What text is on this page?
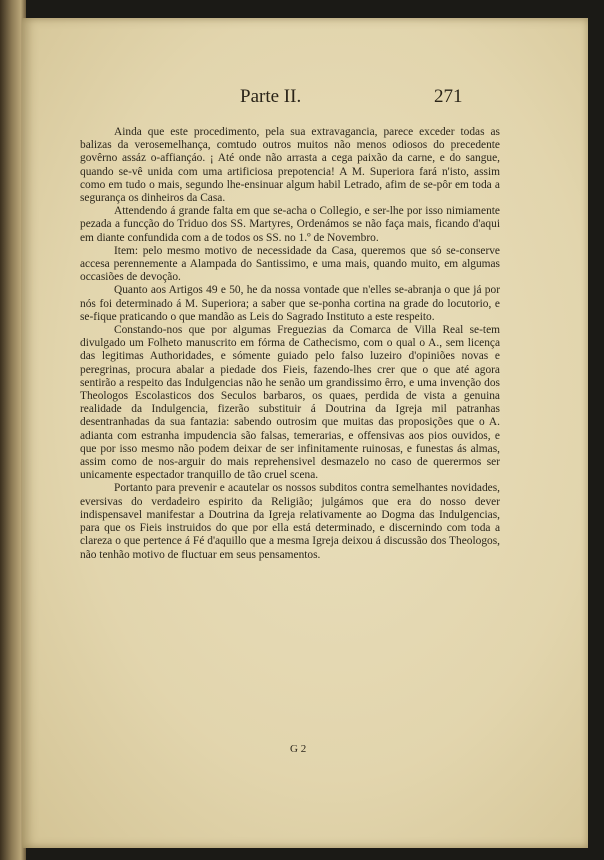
Parte II.	271

Ainda que este procedimento, pela sua extravagancia, parece exceder todas as balizas da verosemelhança, comtudo outros muitos não menos odiosos do precedente govêrno assáz o-affiançáo. ¡ Até onde não arrasta a cega paixão da carne, e do sangue, quando se-vê unida com uma artificiosa prepotencia! A M. Superiora fará n'isto, assim como em tudo o mais, segundo lhe-ensinuar algum habil Letrado, afim de se-pôr em toda a segurança os dinheiros da Casa.

Attendendo á grande falta em que se-acha o Collegio, e ser-lhe por isso nimiamente pezada a funcção do Triduo dos SS. Martyres, Ordenámos se não faça mais, ficando d'aqui em diante confundida com a de todos os SS. no 1.º de Novembro.

Item: pelo mesmo motivo de necessidade da Casa, queremos que só se-conserve accesa perennemente a Alampada do Santissimo, e uma mais, quando muito, em algumas occasiões de devoção.

Quanto aos Artigos 49 e 50, he da nossa vontade que n'elles se-abranja o que já por nós foi determinado á M. Superiora; a saber que se-ponha cortina na grade do locutorio, e se-fique praticando o que mandão as Leis do Sagrado Instituto a este respeito.

Constando-nos que por algumas Freguezias da Comarca de Villa Real se-tem divulgado um Folheto manuscrito em fórma de Cathecismo, com o qual o A., sem licença das legitimas Authoridades, e sómente guiado pelo falso luzeiro d'opiniões novas e peregrinas, procura abalar a piedade dos Fieis, fazendo-lhes crer que o que até agora sentirão a respeito das Indulgencias não he senão um grandissimo êrro, e uma invenção dos Theologos Escolasticos dos Seculos barbaros, os quaes, perdida de vista a genuina realidade da Indulgencia, fizerão substituir á Doutrina da Igreja mil patranhas desentranhadas da sua fantazia: sabendo outrosim que muitas das proposições que o A. adianta com estranha impudencia são falsas, temerarias, e offensivas aos pios ouvidos, e que por isso mesmo não podem deixar de ser infinitamente ruinosas, e funestas ás almas, assim como de nos-arguir do mais reprehensivel desmazelo no caso de querermos ser unicamente espectador tranquillo de tão cruel scena.

Portanto para prevenir e acautelar os nossos subditos contra semelhantes novidades, eversivas do verdadeiro espirito da Religião; julgámos que era do nosso dever indispensavel manifestar a Doutrina da Igreja relativamente ao Dogma das Indulgencias, para que os Fieis instruidos do que por ella está determinado, e discernindo com toda a clareza o que pertence á Fé d'aquillo que a mesma Igreja deixou á discussão dos Theologos, não tenhão motivo de fluctuar em seus pensamentos.

G 2
